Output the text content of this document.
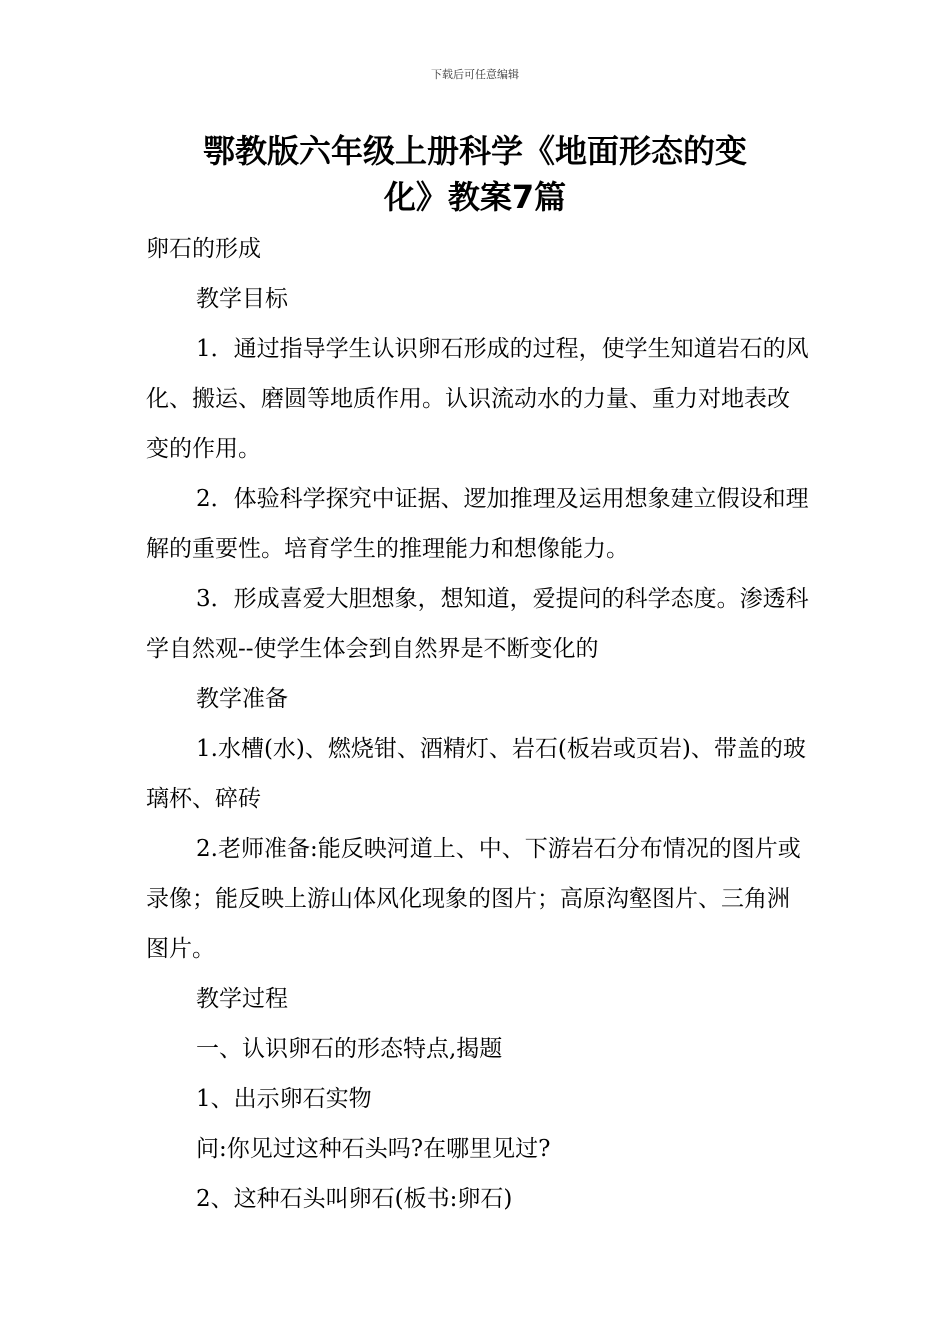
下载后可任意编辑
鄂教版六年级上册科学《地面形态的变
化》教案7篇

卵石的形成

教学目标

1．通过指导学生认识卵石形成的过程，使学生知道岩石的风化、搬运、磨圆等地质作用。认识流动水的力量、重力对地表改变的作用。

2．体验科学探究中证据、逻加推理及运用想象建立假设和理解的重要性。培育学生的推理能力和想像能力。

3．形成喜爱大胆想象，想知道，爱提问的科学态度。渗透科学自然观--使学生体会到自然界是不断变化的

教学准备

1.水槽(水)、燃烧钳、酒精灯、岩石(板岩或页岩)、带盖的玻璃杯、碎砖

2.老师准备:能反映河道上、中、下游岩石分布情况的图片或录像；能反映上游山体风化现象的图片；高原沟壑图片、三角洲图片。

教学过程

一、认识卵石的形态特点,揭题

1、出示卵石实物

问:你见过这种石头吗?在哪里见过?

2、这种石头叫卵石(板书:卵石)
